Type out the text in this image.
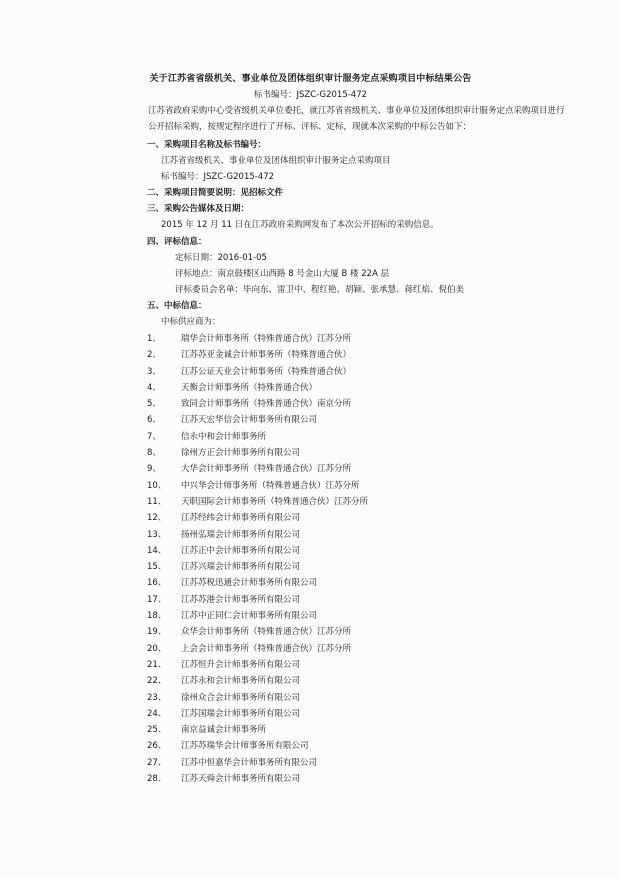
关于江苏省省级机关、事业单位及团体组织审计服务定点采购项目中标结果公告
标书编号：JSZC-G2015-472
江苏省政府采购中心受省级机关单位委托，就江苏省省级机关、事业单位及团体组织审计服务定点采购项目进行公开招标采购，按规定程序进行了开标、评标、定标，现就本次采购的中标公告如下：
一、采购项目名称及标书编号：
江苏省省级机关、事业单位及团体组织审计服务定点采购项目
标书编号：JSZC-G2015-472
二、采购项目简要说明：见招标文件
三、采购公告媒体及日期：
2015 年 12 月 11 日在江苏政府采购网发布了本次公开招标的采购信息。
四、评标信息：
定标日期：2016-01-05
评标地点：南京鼓楼区山西路 8 号金山大厦 B 楼 22A 层
评标委员会名单：毕向东、雷卫中、程红艳、胡颖、张承慧、蒋红焰、倪伯美
五、中标信息：
中标供应商为：
1、	瑞华会计师事务所（特殊普通合伙）江苏分所
2、	江苏苏亚金诚会计师事务所（特殊普通合伙）
3、	江苏公证天业会计师事务所（特殊普通合伙）
4、	天衡会计师事务所（特殊普通合伙）
5、	致同会计师事务所（特殊普通合伙）南京分所
6、	江苏天宏华信会计师事务所有限公司
7、	信永中和会计师事务所
8、	徐州方正会计师事务所有限公司
9、	大华会计师事务所（特殊普通合伙）江苏分所
10、	中兴华会计师事务所（特殊普通合伙）江苏分所
11、	天职国际会计师事务所（特殊普通合伙）江苏分所
12、	江苏经纬会计师事务所有限公司
13、	扬州弘瑞会计师事务所有限公司
14、	江苏正中会计师事务所有限公司
15、	江苏兴瑞会计师事务所有限公司
16、	江苏苏税迅通会计师事务所有限公司
17、	江苏苏港会计师事务所有限公司
18、	江苏中正同仁会计师事务所有限公司
19、	众华会计师事务所（特殊普通合伙）江苏分所
20、	上会会计师事务所（特殊普通合伙）江苏分所
21、	江苏恒升会计师事务所有限公司
22、	江苏永和会计师事务所有限公司
23、	徐州众合会计师事务所有限公司
24、	江苏国瑞会计师事务所有限公司
25、	南京益诚会计师事务所
26、	江苏苏瑞华会计师事务所有限公司
27、	江苏中恒嘉华会计师事务所有限公司
28、	江苏天舜会计师事务所有限公司
